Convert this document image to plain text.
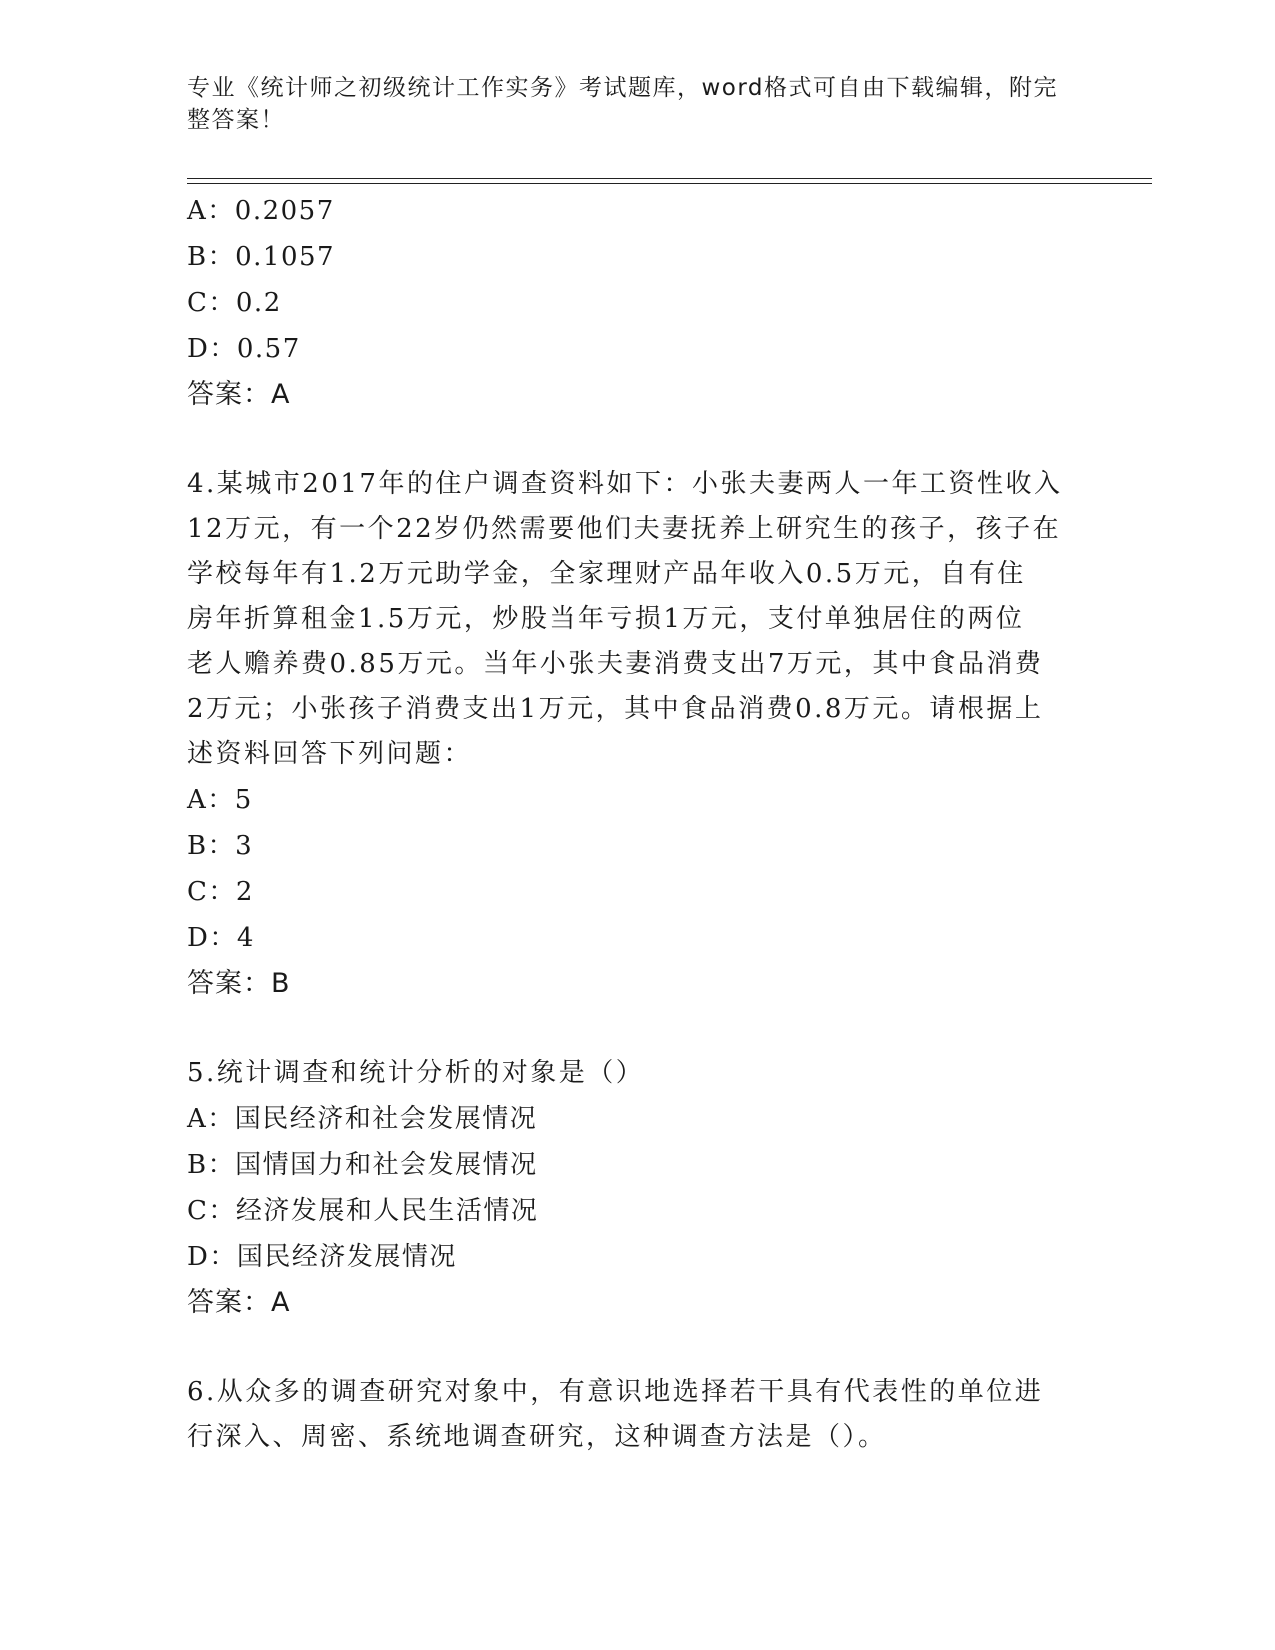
专业《统计师之初级统计工作实务》考试题库，word格式可自由下载编辑，附完
整答案！
A：0.2057
B：0.1057
C：0.2
D：0.57
答案：A
4.某城市2017年的住户调查资料如下：小张夫妻两人一年工资性收入
12万元，有一个22岁仍然需要他们夫妻抚养上研究生的孩子，孩子在
学校每年有1.2万元助学金，全家理财产品年收入0.5万元，自有住
房年折算租金1.5万元，炒股当年亏损1万元，支付单独居住的两位
老人赡养费0.85万元。当年小张夫妻消费支出7万元，其中食品消费
2万元；小张孩子消费支出1万元，其中食品消费0.8万元。请根据上
述资料回答下列问题：
A：5
B：3
C：2
D：4
答案：B
5.统计调查和统计分析的对象是（）
A：国民经济和社会发展情况
B：国情国力和社会发展情况
C：经济发展和人民生活情况
D：国民经济发展情况
答案：A
6.从众多的调查研究对象中，有意识地选择若干具有代表性的单位进
行深入、周密、系统地调查研究，这种调查方法是（）。
